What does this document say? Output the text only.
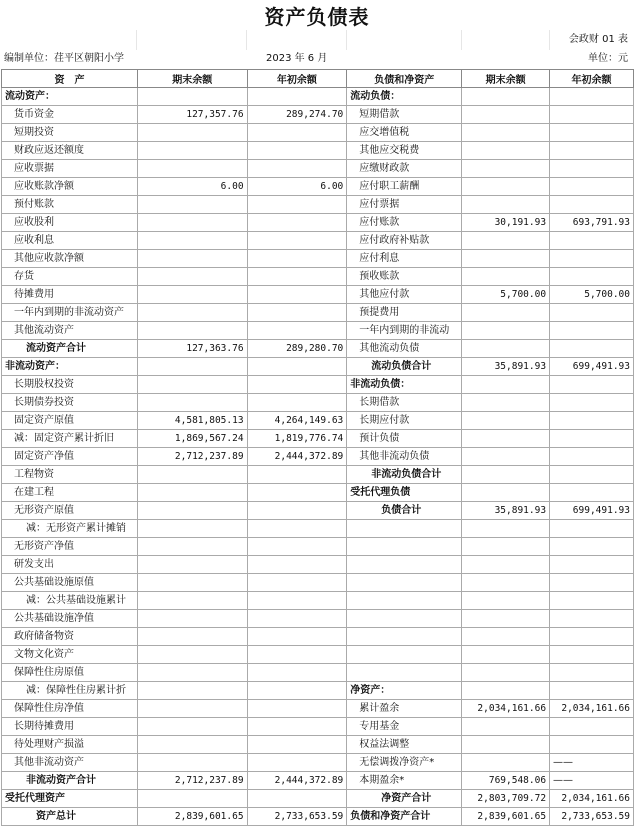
资产负债表
会政财 01 表
编制单位：荏平区朝阳小学	2023 年 6 月	单位：元
资　产	期末余额	年初余额	负债和净资产	期末余额	年初余额
流动资产：			流动负债：		
货币资金	127,357.76	289,274.70	短期借款		
短期投资			应交增值税		
财政应返还额度			其他应交税费		
应收票据			应缴财政款		
应收账款净额	6.00	6.00	应付职工薪酬		
预付账款			应付票据		
应收股利			应付账款	30,191.93	693,791.93
应收利息			应付政府补贴款		
其他应收款净额			应付利息		
存货			预收账款		
待摊费用			其他应付款	5,700.00	5,700.00
一年内到期的非流动资产			预提费用		
其他流动资产			一年内到期的非流动		
流动资产合计	127,363.76	289,280.70	其他流动负债		
非流动资产：			流动负债合计	35,891.93	699,491.93
长期股权投资			非流动负债：		
长期债券投资			长期借款		
固定资产原值	4,581,805.13	4,264,149.63	长期应付款		
减：固定资产累计折旧	1,869,567.24	1,819,776.74	预计负债		
固定资产净值	2,712,237.89	2,444,372.89	其他非流动负债		
工程物资			非流动负债合计		
在建工程			受托代理负债		
无形资产原值			负债合计	35,891.93	699,491.93
减：无形资产累计摊销					
无形资产净值					
研发支出					
公共基础设施原值					
减：公共基础设施累计					
公共基础设施净值					
政府储备物资					
文物文化资产					
保障性住房原值					
减：保障性住房累计折			净资产：		
保障性住房净值			累计盈余	2,034,161.66	2,034,161.66
长期待摊费用			专用基金		
待处理财产损溢			权益法调整		
其他非流动资产			无偿调拨净资产*		——
非流动资产合计	2,712,237.89	2,444,372.89	本期盈余*	769,548.06	——
受托代理资产			净资产合计	2,803,709.72	2,034,161.66
资产总计	2,839,601.65	2,733,653.59	负债和净资产合计	2,839,601.65	2,733,653.59
